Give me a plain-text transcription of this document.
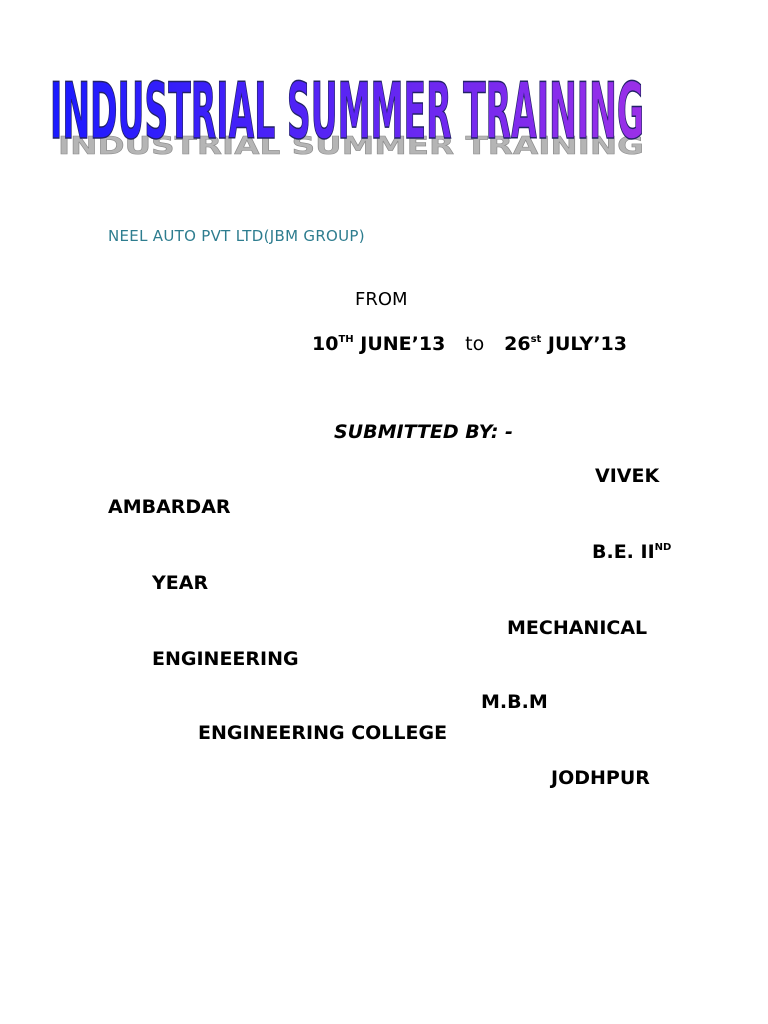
INDUSTRIAL SUMMER TRAINING
INDUSTRIAL SUMMER TRAINING
NEEL AUTO PVT LTD(JBM GROUP)
FROM
10TH JUNE’13 to 26st JULY’13
SUBMITTED BY: -
VIVEK
AMBARDAR
B.E. IIND
YEAR
MECHANICAL
ENGINEERING
M.B.M
ENGINEERING COLLEGE
JODHPUR
